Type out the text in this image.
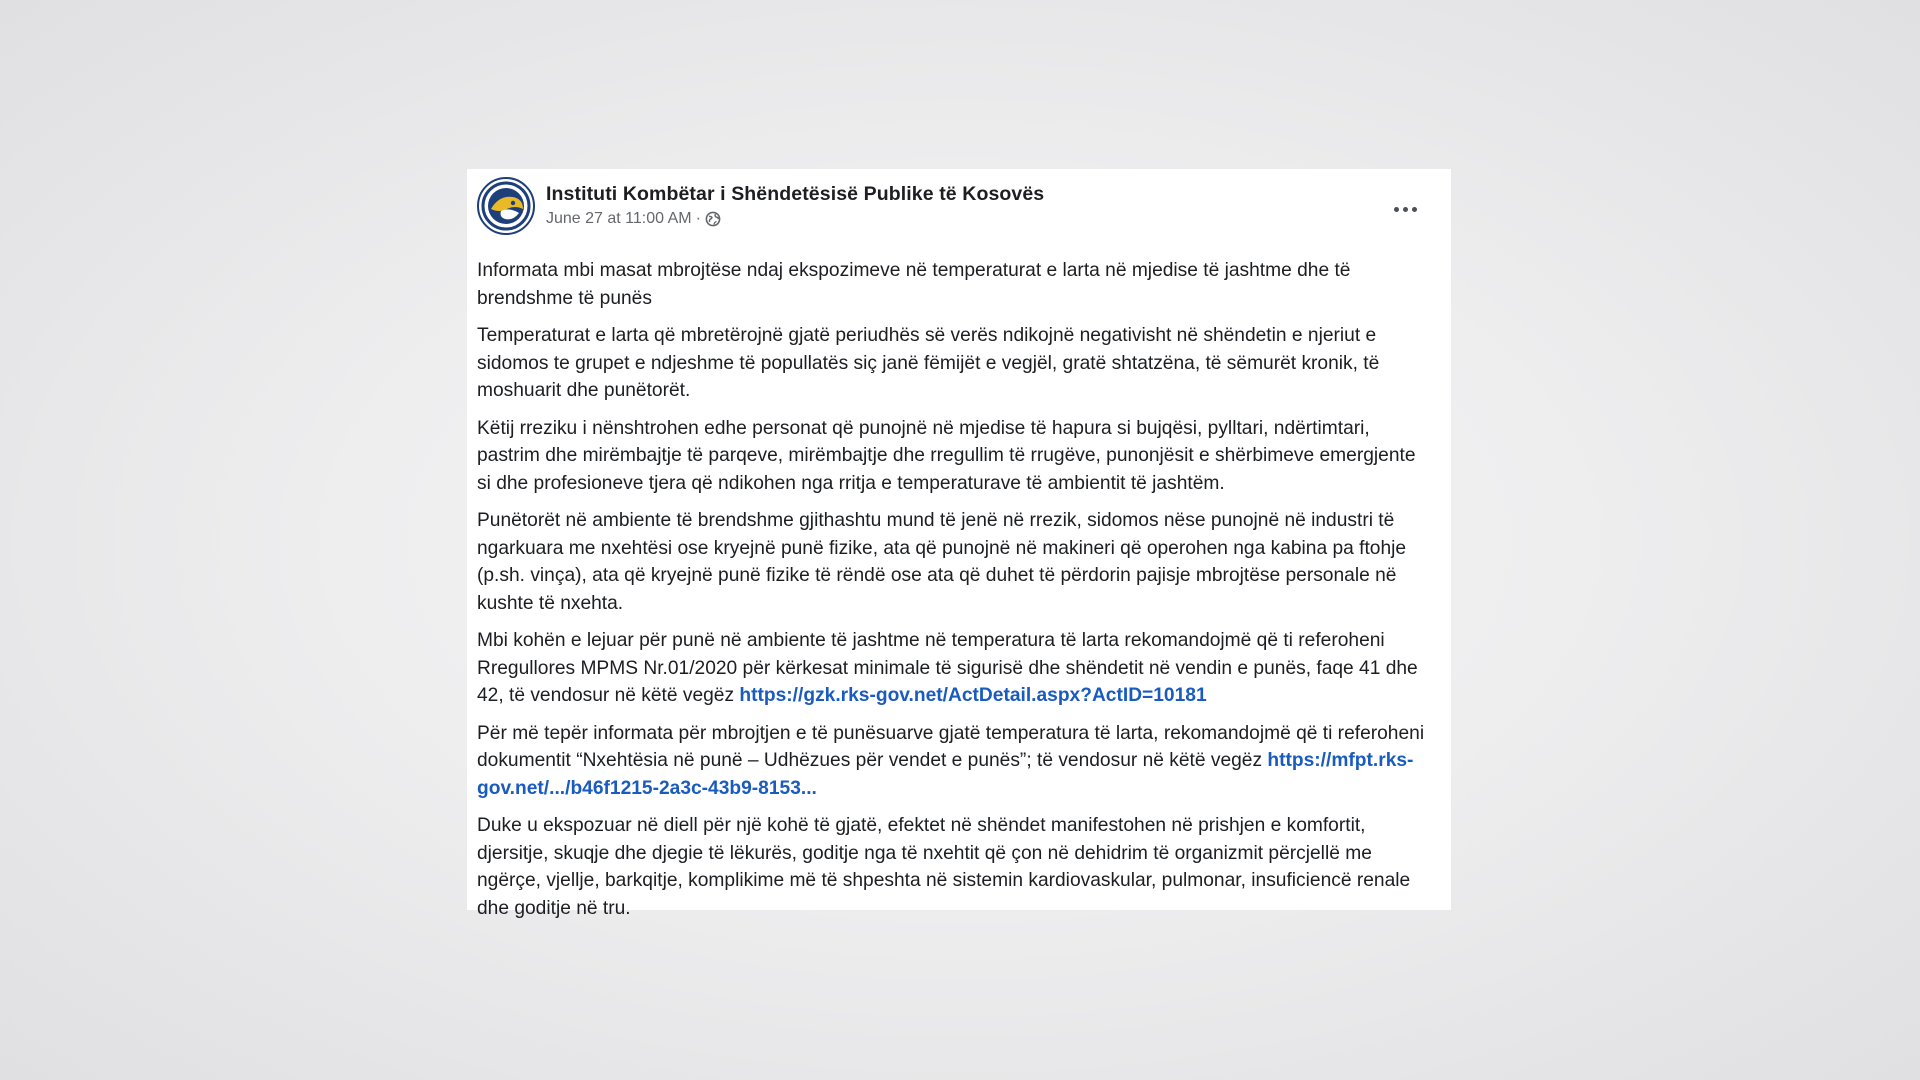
Instituti Kombëtar i Shëndetësisë Publike të Kosovës
June 27 at 11:00 AM ·

Informata mbi masat mbrojtëse ndaj ekspozimeve në temperaturat e larta në mjedise të jashtme dhe të brendshme të punës

Temperaturat e larta që mbretërojnë gjatë periudhës së verës ndikojnë negativisht në shëndetin e njeriut e sidomos te grupet e ndjeshme të popullatës siç janë fëmijët e vegjël, gratë shtatzëna, të sëmurët kronik, të moshuarit dhe punëtorët.

Këtij rreziku i nënshtrohen edhe personat që punojnë në mjedise të hapura si bujqësi, pylltari, ndërtimtari, pastrim dhe mirëmbajtje të parqeve, mirëmbajtje dhe rregullim të rrugëve, punonjësit e shërbimeve emergjente si dhe profesioneve tjera që ndikohen nga rritja e temperaturave të ambientit të jashtëm.

Punëtorët në ambiente të brendshme gjithashtu mund të jenë në rrezik, sidomos nëse punojnë në industri të ngarkuara me nxehtësi ose kryejnë punë fizike, ata që punojnë në makineri që operohen nga kabina pa ftohje (p.sh. vinça), ata që kryejnë punë fizike të rëndë ose ata që duhet të përdorin pajisje mbrojtëse personale në kushte të nxehta.

Mbi kohën e lejuar për punë në ambiente të jashtme në temperatura të larta rekomandojmë që ti referoheni Rregullores MPMS Nr.01/2020 për kërkesat minimale të sigurisë dhe shëndetit në vendin e punës, faqe 41 dhe 42, të vendosur në këtë vegëz https://gzk.rks-gov.net/ActDetail.aspx?ActID=10181

Për më tepër informata për mbrojtjen e të punësuarve gjatë temperatura të larta, rekomandojmë që ti referoheni dokumentit “Nxehtësia në punë – Udhëzues për vendet e punës”; të vendosur në këtë vegëz https://mfpt.rks-gov.net/.../b46f1215-2a3c-43b9-8153...

Duke u ekspozuar në diell për një kohë të gjatë, efektet në shëndet manifestohen në prishjen e komfortit, djersitje, skuqje dhe djegie të lëkurës, goditje nga të nxehtit që çon në dehidrim të organizmit përcjellë me ngërçe, vjellje, barkqitje, komplikime më të shpeshta në sistemin kardiovaskular, pulmonar, insuficiencë renale dhe goditje në tru.
